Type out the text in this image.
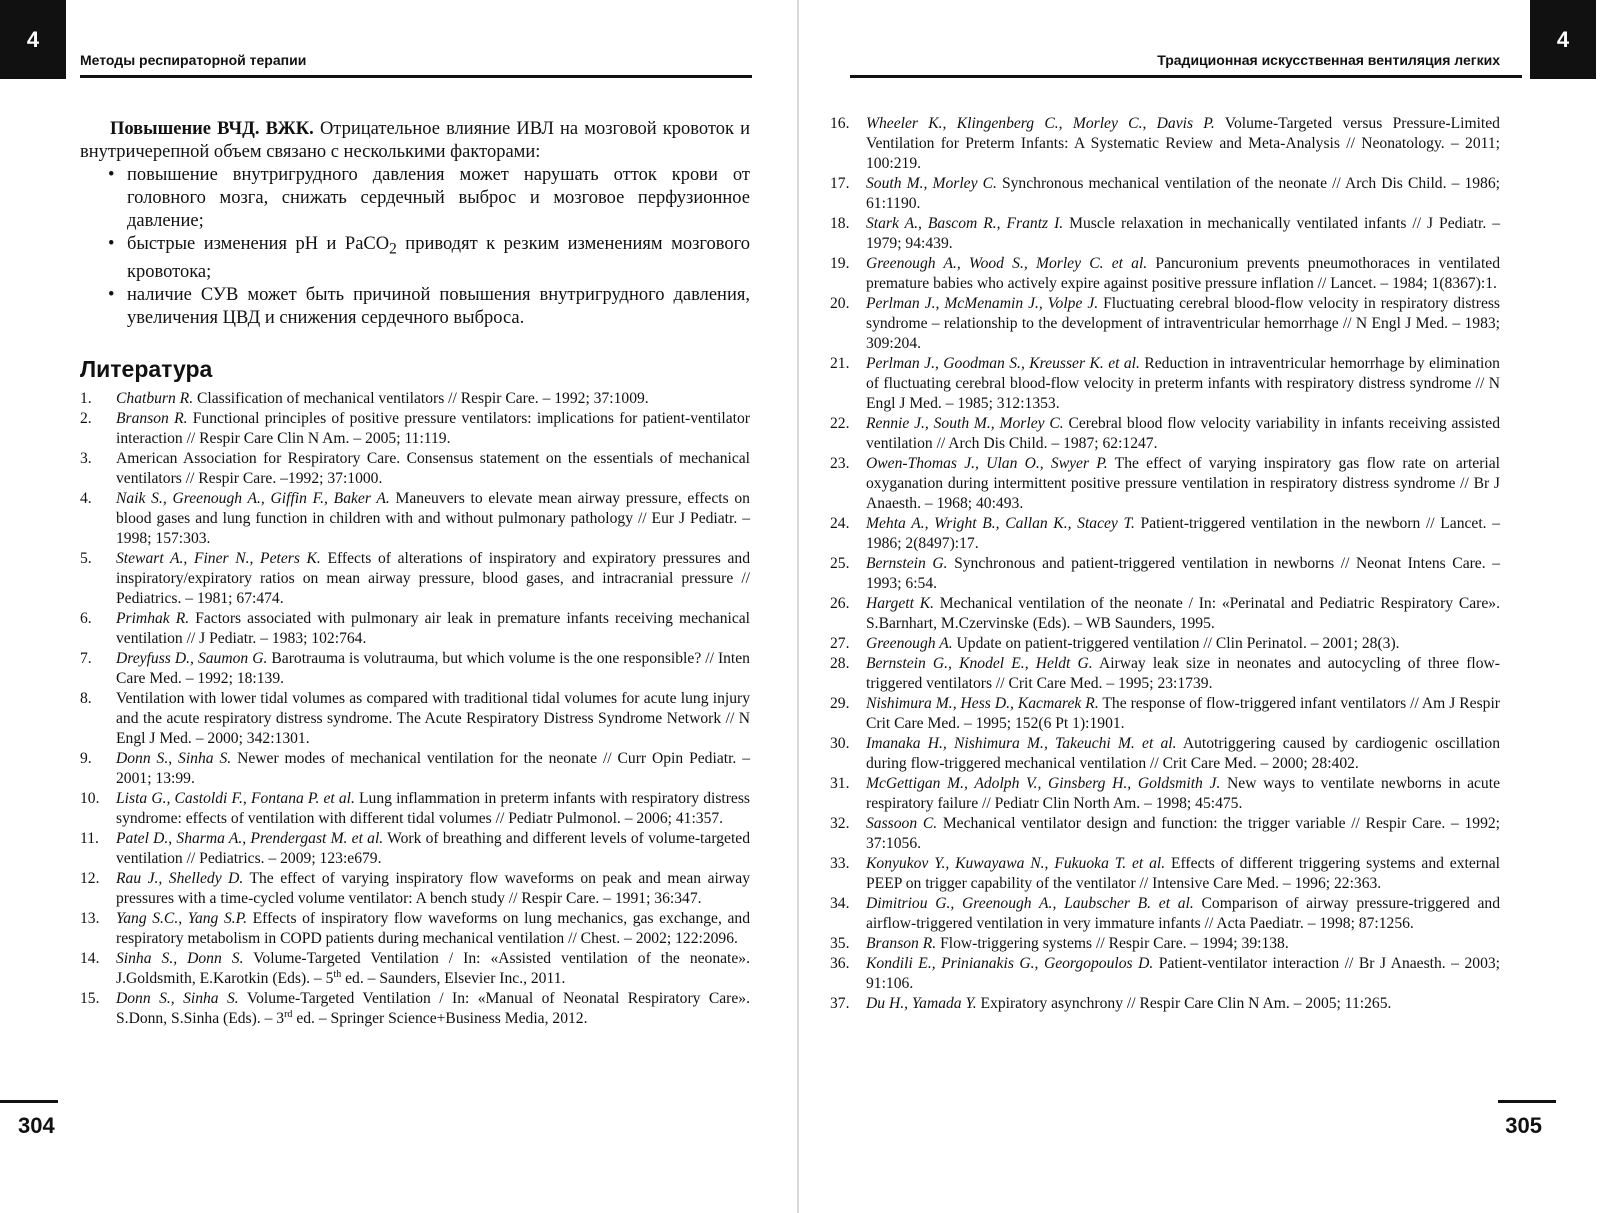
4
Методы респираторной терапии

Повышение ВЧД. ВЖК. Отрицательное влияние ИВЛ на мозговой кровоток и внутричерепной объем связано с несколькими факторами:

• повышение внутригрудного давления может нарушать отток крови от головного мозга, снижать сердечный выброс и мозговое перфузионное давление;
• быстрые изменения pH и PaCO$_2$ приводят к резким изменениям мозгового кровотока;
• наличие СУВ может быть причиной повышения внутригрудного давления, увеличения ЦВД и снижения сердечного выброса.
Литература
1.	Chatburn R. Classification of mechanical ventilators // Respir Care. – 1992; 37:1009.
2.	Branson R. Functional principles of positive pressure ventilators: implications for patient-ventilator interaction // Respir Care Clin N Am. – 2005; 11:119.
3.	American Association for Respiratory Care. Consensus statement on the essentials of mechanical ventilators // Respir Care. –1992; 37:1000.
4.	Naik S., Greenough A., Giffin F., Baker A. Maneuvers to elevate mean airway pressure, effects on blood gases and lung function in children with and without pulmonary pathology // Eur J Pediatr. – 1998; 157:303.
5.	Stewart A., Finer N., Peters K. Effects of alterations of inspiratory and expiratory pressures and inspiratory/expiratory ratios on mean airway pressure, blood gases, and intracranial pressure // Pediatrics. – 1981; 67:474.
6.	Primhak R. Factors associated with pulmonary air leak in premature infants receiving mechanical ventilation // J Pediatr. – 1983; 102:764.
7.	Dreyfuss D., Saumon G. Barotrauma is volutrauma, but which volume is the one responsible? // Inten Care Med. – 1992; 18:139.
8.	Ventilation with lower tidal volumes as compared with traditional tidal volumes for acute lung injury and the acute respiratory distress syndrome. The Acute Respiratory Distress Syndrome Network // N Engl J Med. – 2000; 342:1301.
9.	Donn S., Sinha S. Newer modes of mechanical ventilation for the neonate // Curr Opin Pediatr. – 2001; 13:99.
10.	Lista G., Castoldi F., Fontana P. et al. Lung inflammation in preterm infants with respiratory distress syndrome: effects of ventilation with different tidal volumes // Pediatr Pulmonol. – 2006; 41:357.
11.	Patel D., Sharma A., Prendergast M. et al. Work of breathing and different levels of volume-targeted ventilation // Pediatrics. – 2009; 123:e679.
12.	Rau J., Shelledy D. The effect of varying inspiratory flow waveforms on peak and mean airway pressures with a time-cycled volume ventilator: A bench study // Respir Care. – 1991; 36:347.
13.	Yang S.C., Yang S.P. Effects of inspiratory flow waveforms on lung mechanics, gas exchange, and respiratory metabolism in COPD patients during mechanical ventilation // Chest. – 2002; 122:2096.
14.	Sinha S., Donn S. Volume-Targeted Ventilation / In: «Assisted ventilation of the neonate». J.Goldsmith, E.Karotkin (Eds). – 5th ed. – Saunders, Elsevier Inc., 2011.
15.	Donn S., Sinha S. Volume-Targeted Ventilation / In: «Manual of Neonatal Respiratory Care». S.Donn, S.Sinha (Eds). – 3rd ed. – Springer Science+Business Media, 2012.
304
Традиционная искусственная вентиляция легких
4
305
16.	Wheeler K., Klingenberg C., Morley C., Davis P. Volume-Targeted versus Pressure-Limited Ventilation for Preterm Infants: A Systematic Review and Meta-Analysis // Neonatology. – 2011; 100:219.
17.	South M., Morley C. Synchronous mechanical ventilation of the neonate // Arch Dis Child. – 1986; 61:1190.
18.	Stark A., Bascom R., Frantz I. Muscle relaxation in mechanically ventilated infants // J Pediatr. – 1979; 94:439.
19.	Greenough A., Wood S., Morley C. et al. Pancuronium prevents pneumothoraces in ventilated premature babies who actively expire against positive pressure inflation // Lancet. – 1984; 1(8367):1.
20.	Perlman J., McMenamin J., Volpe J. Fluctuating cerebral blood-flow velocity in respiratory distress syndrome – relationship to the development of intraventricular hemorrhage // N Engl J Med. – 1983; 309:204.
21.	Perlman J., Goodman S., Kreusser K. et al. Reduction in intraventricular hemorrhage by elimination of fluctuating cerebral blood-flow velocity in preterm infants with respiratory distress syndrome // N Engl J Med. – 1985; 312:1353.
22.	Rennie J., South M., Morley C. Cerebral blood flow velocity variability in infants receiving assisted ventilation // Arch Dis Child. – 1987; 62:1247.
23.	Owen-Thomas J., Ulan O., Swyer P. The effect of varying inspiratory gas flow rate on arterial oxyganation during intermittent positive pressure ventilation in respiratory distress syndrome // Br J Anaesth. – 1968; 40:493.
24.	Mehta A., Wright B., Callan K., Stacey T. Patient-triggered ventilation in the newborn // Lancet. – 1986; 2(8497):17.
25.	Bernstein G. Synchronous and patient-triggered ventilation in newborns // Neonat Intens Care. – 1993; 6:54.
26.	Hargett K. Mechanical ventilation of the neonate / In: «Perinatal and Pediatric Respiratory Care». S.Barnhart, M.Czervinske (Eds). – WB Saunders, 1995.
27.	Greenough A. Update on patient-triggered ventilation // Clin Perinatol. – 2001; 28(3).
28.	Bernstein G., Knodel E., Heldt G. Airway leak size in neonates and autocycling of three flow-triggered ventilators // Crit Care Med. – 1995; 23:1739.
29.	Nishimura M., Hess D., Kacmarek R. The response of flow-triggered infant ventilators // Am J Respir Crit Care Med. – 1995; 152(6 Pt 1):1901.
30.	Imanaka H., Nishimura M., Takeuchi M. et al. Autotriggering caused by cardiogenic oscillation during flow-triggered mechanical ventilation // Crit Care Med. – 2000; 28:402.
31.	McGettigan M., Adolph V., Ginsberg H., Goldsmith J. New ways to ventilate newborns in acute respiratory failure // Pediatr Clin North Am. – 1998; 45:475.
32.	Sassoon C. Mechanical ventilator design and function: the trigger variable // Respir Care. – 1992; 37:1056.
33.	Konyukov Y., Kuwayawa N., Fukuoka T. et al. Effects of different triggering systems and external PEEP on trigger capability of the ventilator // Intensive Care Med. – 1996; 22:363.
34.	Dimitriou G., Greenough A., Laubscher B. et al. Comparison of airway pressure-triggered and airflow-triggered ventilation in very immature infants // Acta Paediatr. – 1998; 87:1256.
35.	Branson R. Flow-triggering systems // Respir Care. – 1994; 39:138.
36.	Kondili E., Prinianakis G., Georgopoulos D. Patient-ventilator interaction // Br J Anaesth. – 2003; 91:106.
37.	Du H., Yamada Y. Expiratory asynchrony // Respir Care Clin N Am. – 2005; 11:265.
